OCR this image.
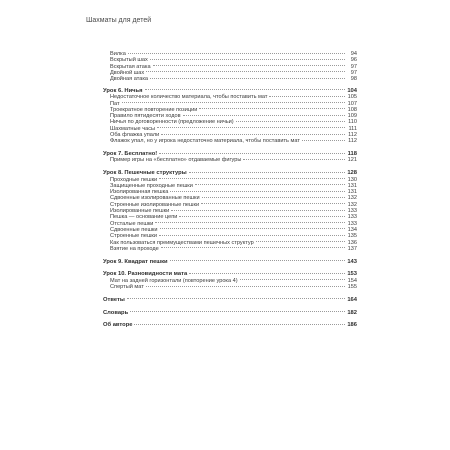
Шахматы для детей
Вилка	94
Вскрытый шах	96
Вскрытая атака	97
Двойной шах	97
Двойная атака	98
Урок 6. Ничья	104
Недостаточное количество материала, чтобы поставить мат	105
Пат	107
Троекратное повторение позиции	108
Правило пятидесяти ходов	109
Ничья по договоренности (предложение ничьи)	110
Шахматные часы	111
Оба флажка упали	112
Флажок упал, но у игрока недостаточно материала, чтобы поставить мат	112
Урок 7. Бесплатно!	118
Пример игры на «бесплатно» отдаваемые фигуры	121
Урок 8. Пешечные структуры	128
Проходные пешки	130
Защищенные проходные пешки	131
Изолированная пешка	131
Сдвоенные изолированные пешки	132
Строенные изолированные пешки	132
Изолированные пешки	133
Пешка — основание цепи	133
Отсталые пешки	133
Сдвоенные пешки	134
Строенные пешки	135
Как пользоваться преимуществами пешечных структур	136
Взятие на проходе	137
Урок 9. Квадрат пешки	143
Урок 10. Разновидности мата	153
Мат на задней горизонтали (повторение урока 4)	154
Спертый мат	155
Ответы	164
Словарь	182
Об авторе	186
